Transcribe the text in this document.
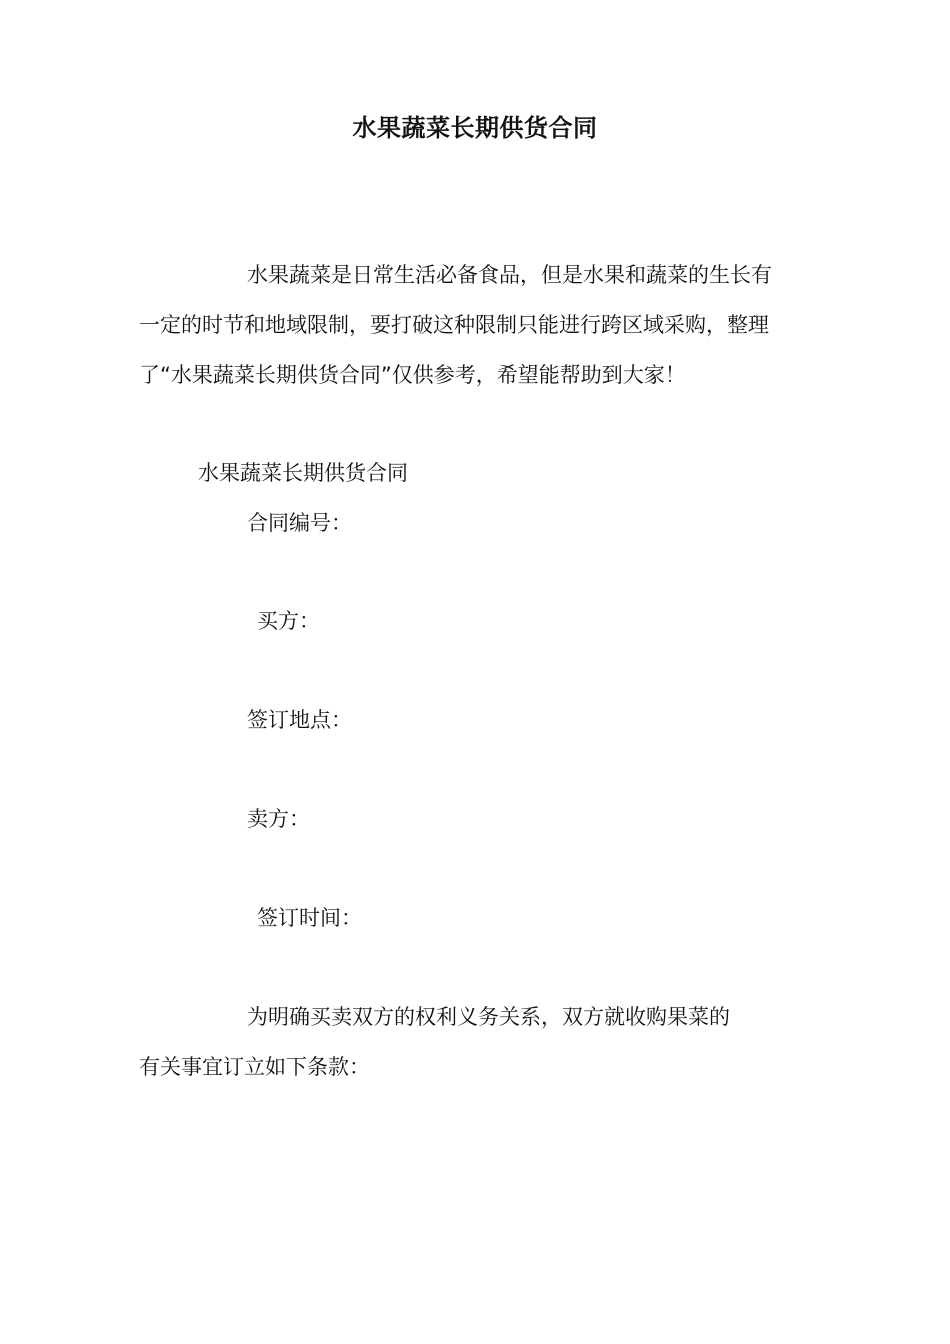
水果蔬菜长期供货合同
水果蔬菜是日常生活必备食品，但是水果和蔬菜的生长有
一定的时节和地域限制，要打破这种限制只能进行跨区域采购，整理
了“水果蔬菜长期供货合同”仅供参考，希望能帮助到大家！
水果蔬菜长期供货合同
合同编号：
买方：
签订地点：
卖方：
签订时间：
为明确买卖双方的权利义务关系，双方就收购果菜的
有关事宜订立如下条款：
